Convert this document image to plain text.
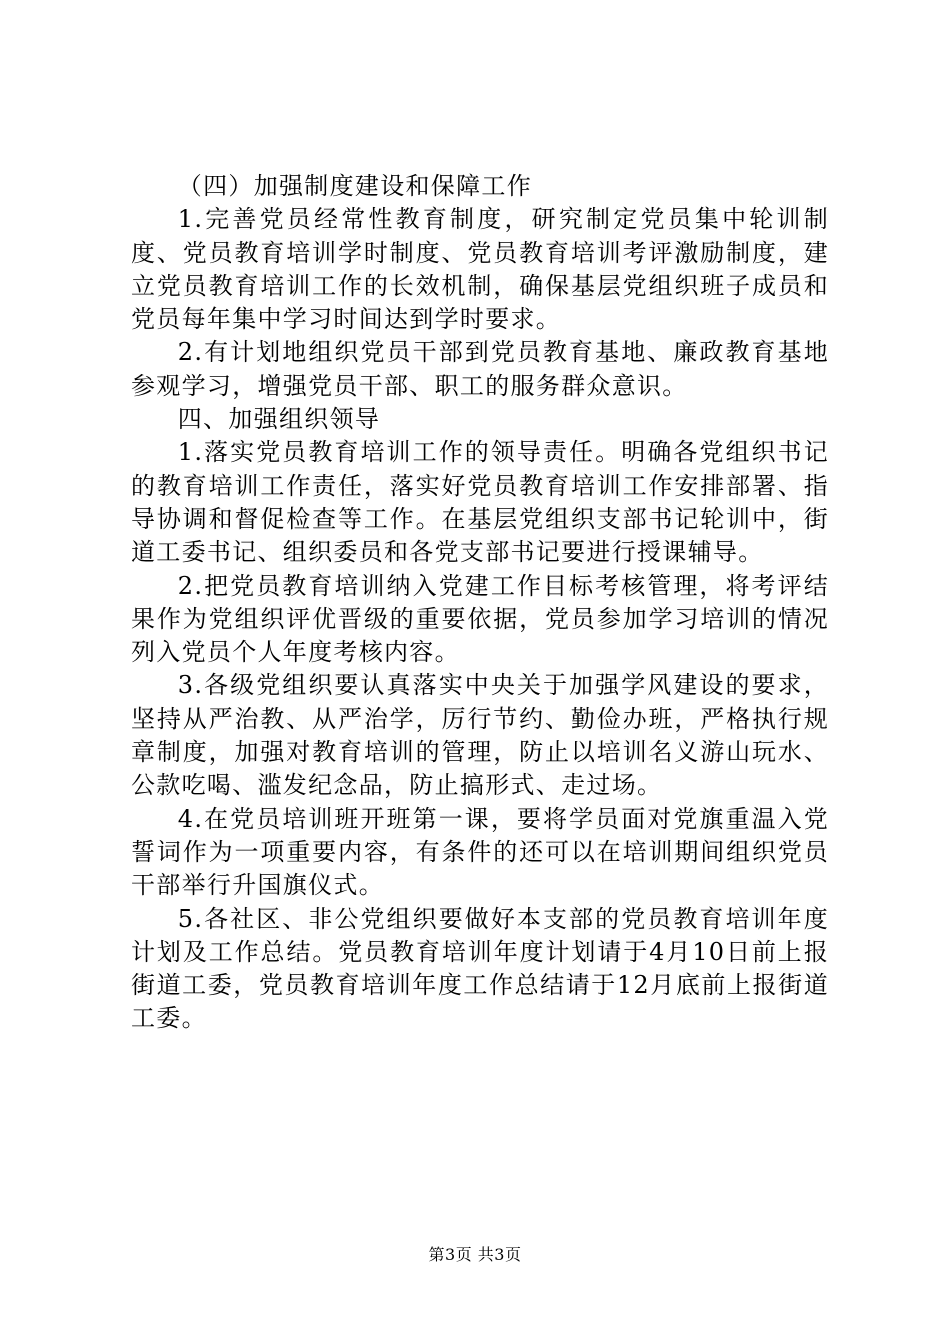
（四）加强制度建设和保障工作

1.完善党员经常性教育制度，研究制定党员集中轮训制度、党员教育培训学时制度、党员教育培训考评激励制度，建立党员教育培训工作的长效机制，确保基层党组织班子成员和党员每年集中学习时间达到学时要求。

2.有计划地组织党员干部到党员教育基地、廉政教育基地参观学习，增强党员干部、职工的服务群众意识。

四、加强组织领导

1.落实党员教育培训工作的领导责任。明确各党组织书记的教育培训工作责任，落实好党员教育培训工作安排部署、指导协调和督促检查等工作。在基层党组织支部书记轮训中，街道工委书记、组织委员和各党支部书记要进行授课辅导。

2.把党员教育培训纳入党建工作目标考核管理，将考评结果作为党组织评优晋级的重要依据，党员参加学习培训的情况列入党员个人年度考核内容。

3.各级党组织要认真落实中央关于加强学风建设的要求，坚持从严治教、从严治学，厉行节约、勤俭办班，严格执行规章制度，加强对教育培训的管理，防止以培训名义游山玩水、公款吃喝、滥发纪念品，防止搞形式、走过场。

4.在党员培训班开班第一课，要将学员面对党旗重温入党誓词作为一项重要内容，有条件的还可以在培训期间组织党员干部举行升国旗仪式。

5.各社区、非公党组织要做好本支部的党员教育培训年度计划及工作总结。党员教育培训年度计划请于4月10日前上报街道工委，党员教育培训年度工作总结请于12月底前上报街道工委。

第3页 共3页
